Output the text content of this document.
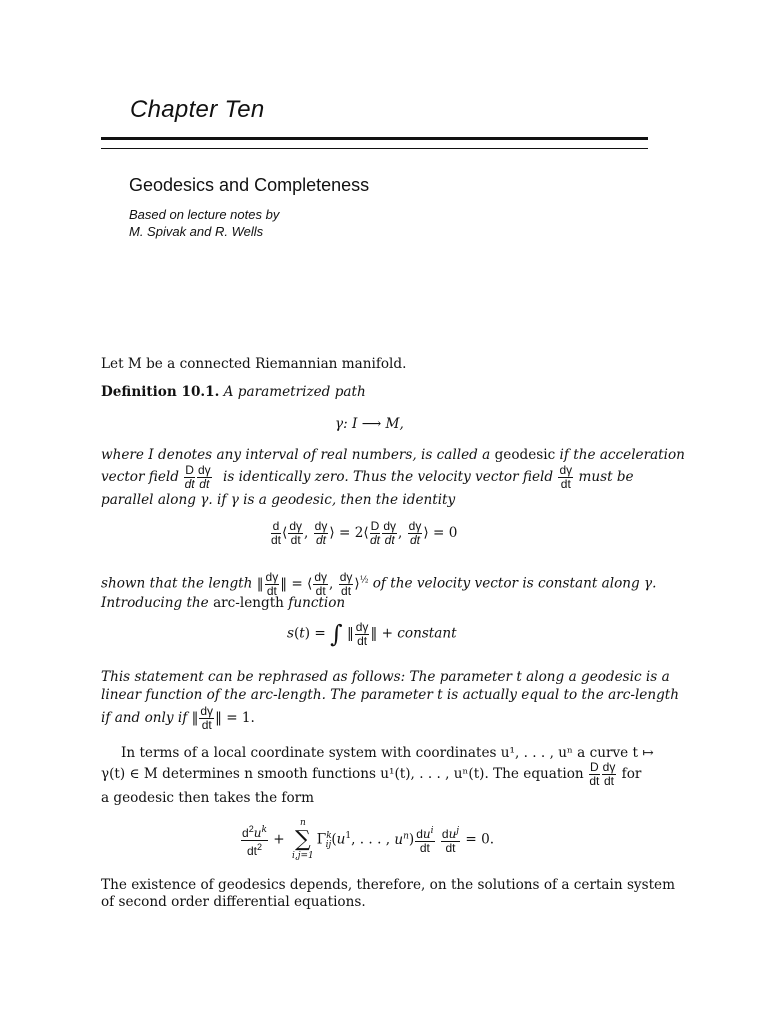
Chapter Ten
Geodesics and Completeness
Based on lecture notes by
M. Spivak and R. Wells
Let M be a connected Riemannian manifold.
Definition 10.1. A parametrized path
γ: I ⟶ M,
where I denotes any interval of real numbers, is called a geodesic if the acceleration
vector field $\frac{D}{dt} \frac{d\gamma}{dt}$ is identically zero. Thus the velocity vector field $\frac{d\gamma}{dt}$ must be
parallel along γ. if γ is a geodesic, then the identity
$\frac{d}{dt}$ ⟨ $\frac{d\gamma}{dt}$ , $\frac{d\gamma}{dt}$ ⟩ = 2⟨ $\frac{D}{dt} \frac{d\gamma}{dt}$ , $\frac{d\gamma}{dt}$ ⟩ = 0
shown that the length ‖ $\frac{d\gamma}{dt}$ ‖ = ⟨ $\frac{d\gamma}{dt}$ , $\frac{d\gamma}{dt}$ ⟩$^{\frac{1}{2}}$ of the velocity vector is constant along γ.
Introducing the arc-length function
s(t) = ∫ ‖ $\frac{d\gamma}{dt}$ ‖ + constant
This statement can be rephrased as follows: The parameter t along a geodesic is a
linear function of the arc-length. The parameter t is actually equal to the arc-length
if and only if ‖ $\frac{d\gamma}{dt}$ ‖ = 1.
In terms of a local coordinate system with coordinates u¹, . . . , uⁿ a curve t ↦
γ(t) ∈ M determines n smooth functions u¹(t), . . . , uⁿ(t). The equation $\frac{D}{dt} \frac{d\gamma}{dt}$ for
a geodesic then takes the form
$\frac{d^2u^k}{dt^2}$ +
n
∑
i,j=1
$\Gamma^k_{ij}(u^1$, . . . , $u^n) \frac{du^i}{dt}$
$\frac{du^j}{dt} = 0$.
The existence of geodesics depends, therefore, on the solutions of a certain system
of second order differential equations.
